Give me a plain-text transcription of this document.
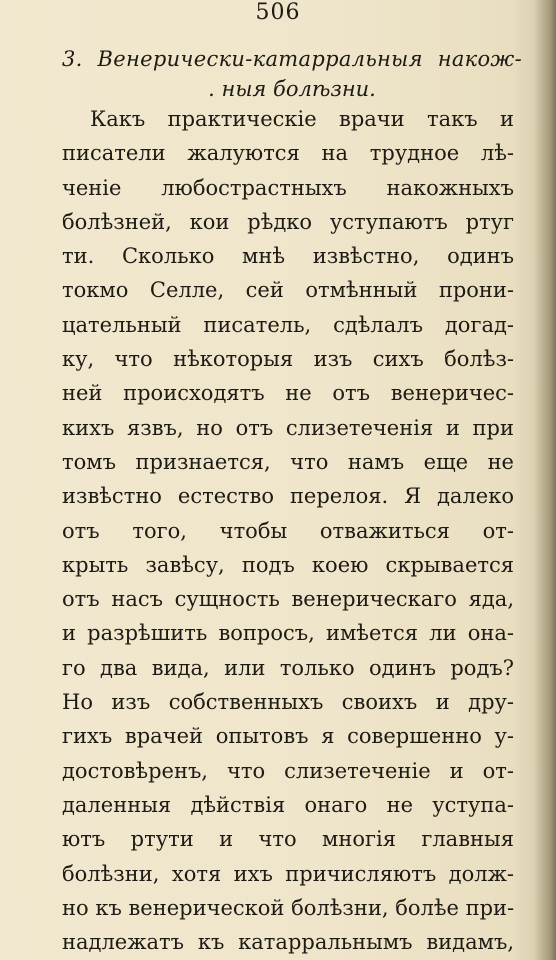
506
3. Венерически-катарральныя накож-
. ныя болѣзни.
Какъ практическіе врачи такъ и
писатели жалуются на трудное лѣ-
ченіе любострастныхъ накожныхъ
болѣзней, кои рѣдко уступаютъ ртуг
ти. Сколько мнѣ извѣстно, одинъ
токмо Селле, сей отмѣнный прони-
цательный писатель, сдѣлалъ догад-
ку, что нѣкоторыя изъ сихъ болѣз-
ней происходятъ не отъ венеричес-
кихъ язвъ, но отъ слизетеченія и при
томъ признается, что намъ еще не
извѣстно естество перелоя. Я далеко
отъ того, чтобы отважиться от-
крыть завѣсу, подъ коею скрывается
отъ насъ сущность венерическаго яда,
и разрѣшить вопросъ, имѣется ли она-
го два вида, или только одинъ родъ?
Но изъ собственныхъ своихъ и дру-
гихъ врачей опытовъ я совершенно у-
достовѣренъ, что слизетеченіе и от-
даленныя дѣйствія онаго не уступа-
ютъ ртути и что многія главныя
болѣзни, хотя ихъ причисляютъ долж-
но къ венерической болѣзни, болѣе при-
надлежатъ къ катарральнымъ видамъ,
